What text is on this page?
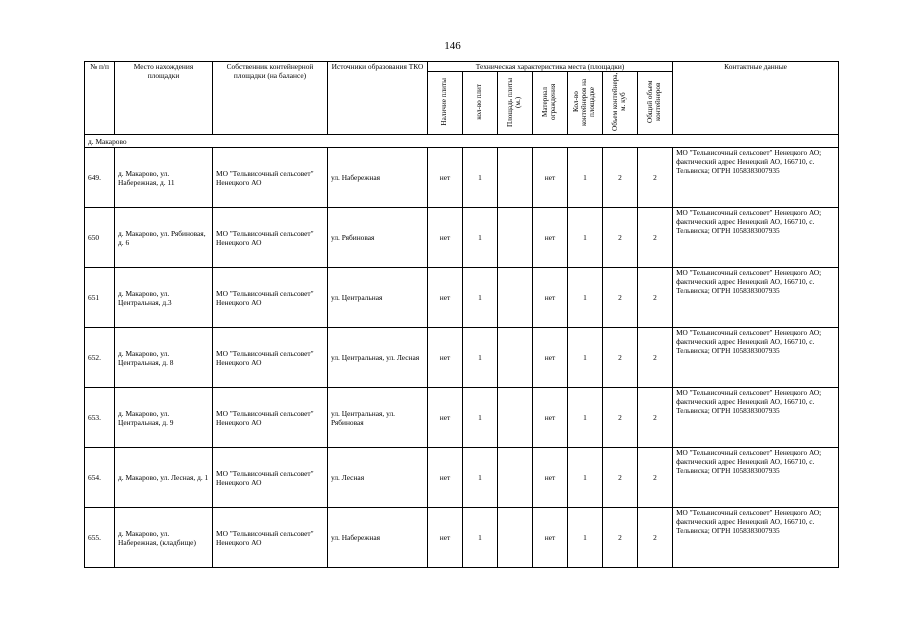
146
№ п/п	Место нахождения площадки	Собственник контейнерной площадки (на балансе)	Источники образования ТКО	Техническая характеристика места (площадки)							Контактные данные
				Наличие плиты	кол-во плит	Площадь плиты (м.)	Материал ограждения	Кол-во контейнеров на площадке	Объем контейнера, м. куб	Общий объем контейнеров	
д. Макарово											
649.	д. Макарово, ул. Набережная, д. 11	МО "Тельвисочный сельсовет" Ненецкого АО	ул. Набережная	нет	1		нет	1	2	2	МО "Тельвисочный сельсовет" Ненецкого АО; фактический адрес Ненецкий АО, 166710, с. Тельвиска; ОГРН 1058383007935
650	д. Макарово, ул. Рябиновая, д. 6	МО "Тельвисочный сельсовет" Ненецкого АО	ул. Рябиновая	нет	1		нет	1	2	2	МО "Тельвисочный сельсовет" Ненецкого АО; фактический адрес Ненецкий АО, 166710, с. Тельвиска; ОГРН 1058383007935
651	д. Макарово, ул. Центральная, д.3	МО "Тельвисочный сельсовет" Ненецкого АО	ул. Центральная	нет	1		нет	1	2	2	МО "Тельвисочный сельсовет" Ненецкого АО; фактический адрес Ненецкий АО, 166710, с. Тельвиска; ОГРН 1058383007935
652.	д. Макарово, ул. Центральная, д. 8	МО "Тельвисочный сельсовет" Ненецкого АО	ул. Центральная, ул. Лесная	нет	1		нет	1	2	2	МО "Тельвисочный сельсовет" Ненецкого АО; фактический адрес Ненецкий АО, 166710, с. Тельвиска; ОГРН 1058383007935
653.	д. Макарово, ул. Центральная, д. 9	МО "Тельвисочный сельсовет" Ненецкого АО	ул. Центральная, ул. Рябиновая	нет	1		нет	1	2	2	МО "Тельвисочный сельсовет" Ненецкого АО; фактический адрес Ненецкий АО, 166710, с. Тельвиска; ОГРН 1058383007935
654.	д. Макарово, ул. Лесная, д. 1	МО "Тельвисочный сельсовет" Ненецкого АО	ул. Лесная	нет	1		нет	1	2	2	МО "Тельвисочный сельсовет" Ненецкого АО; фактический адрес Ненецкий АО, 166710, с. Тельвиска; ОГРН 1058383007935
655.	д. Макарово, ул. Набережная, (кладбище)	МО "Тельвисочный сельсовет" Ненецкого АО	ул. Набережная	нет	1		нет	1	2	2	МО "Тельвисочный сельсовет" Ненецкого АО; фактический адрес Ненецкий АО, 166710, с. Тельвиска; ОГРН 1058383007935
